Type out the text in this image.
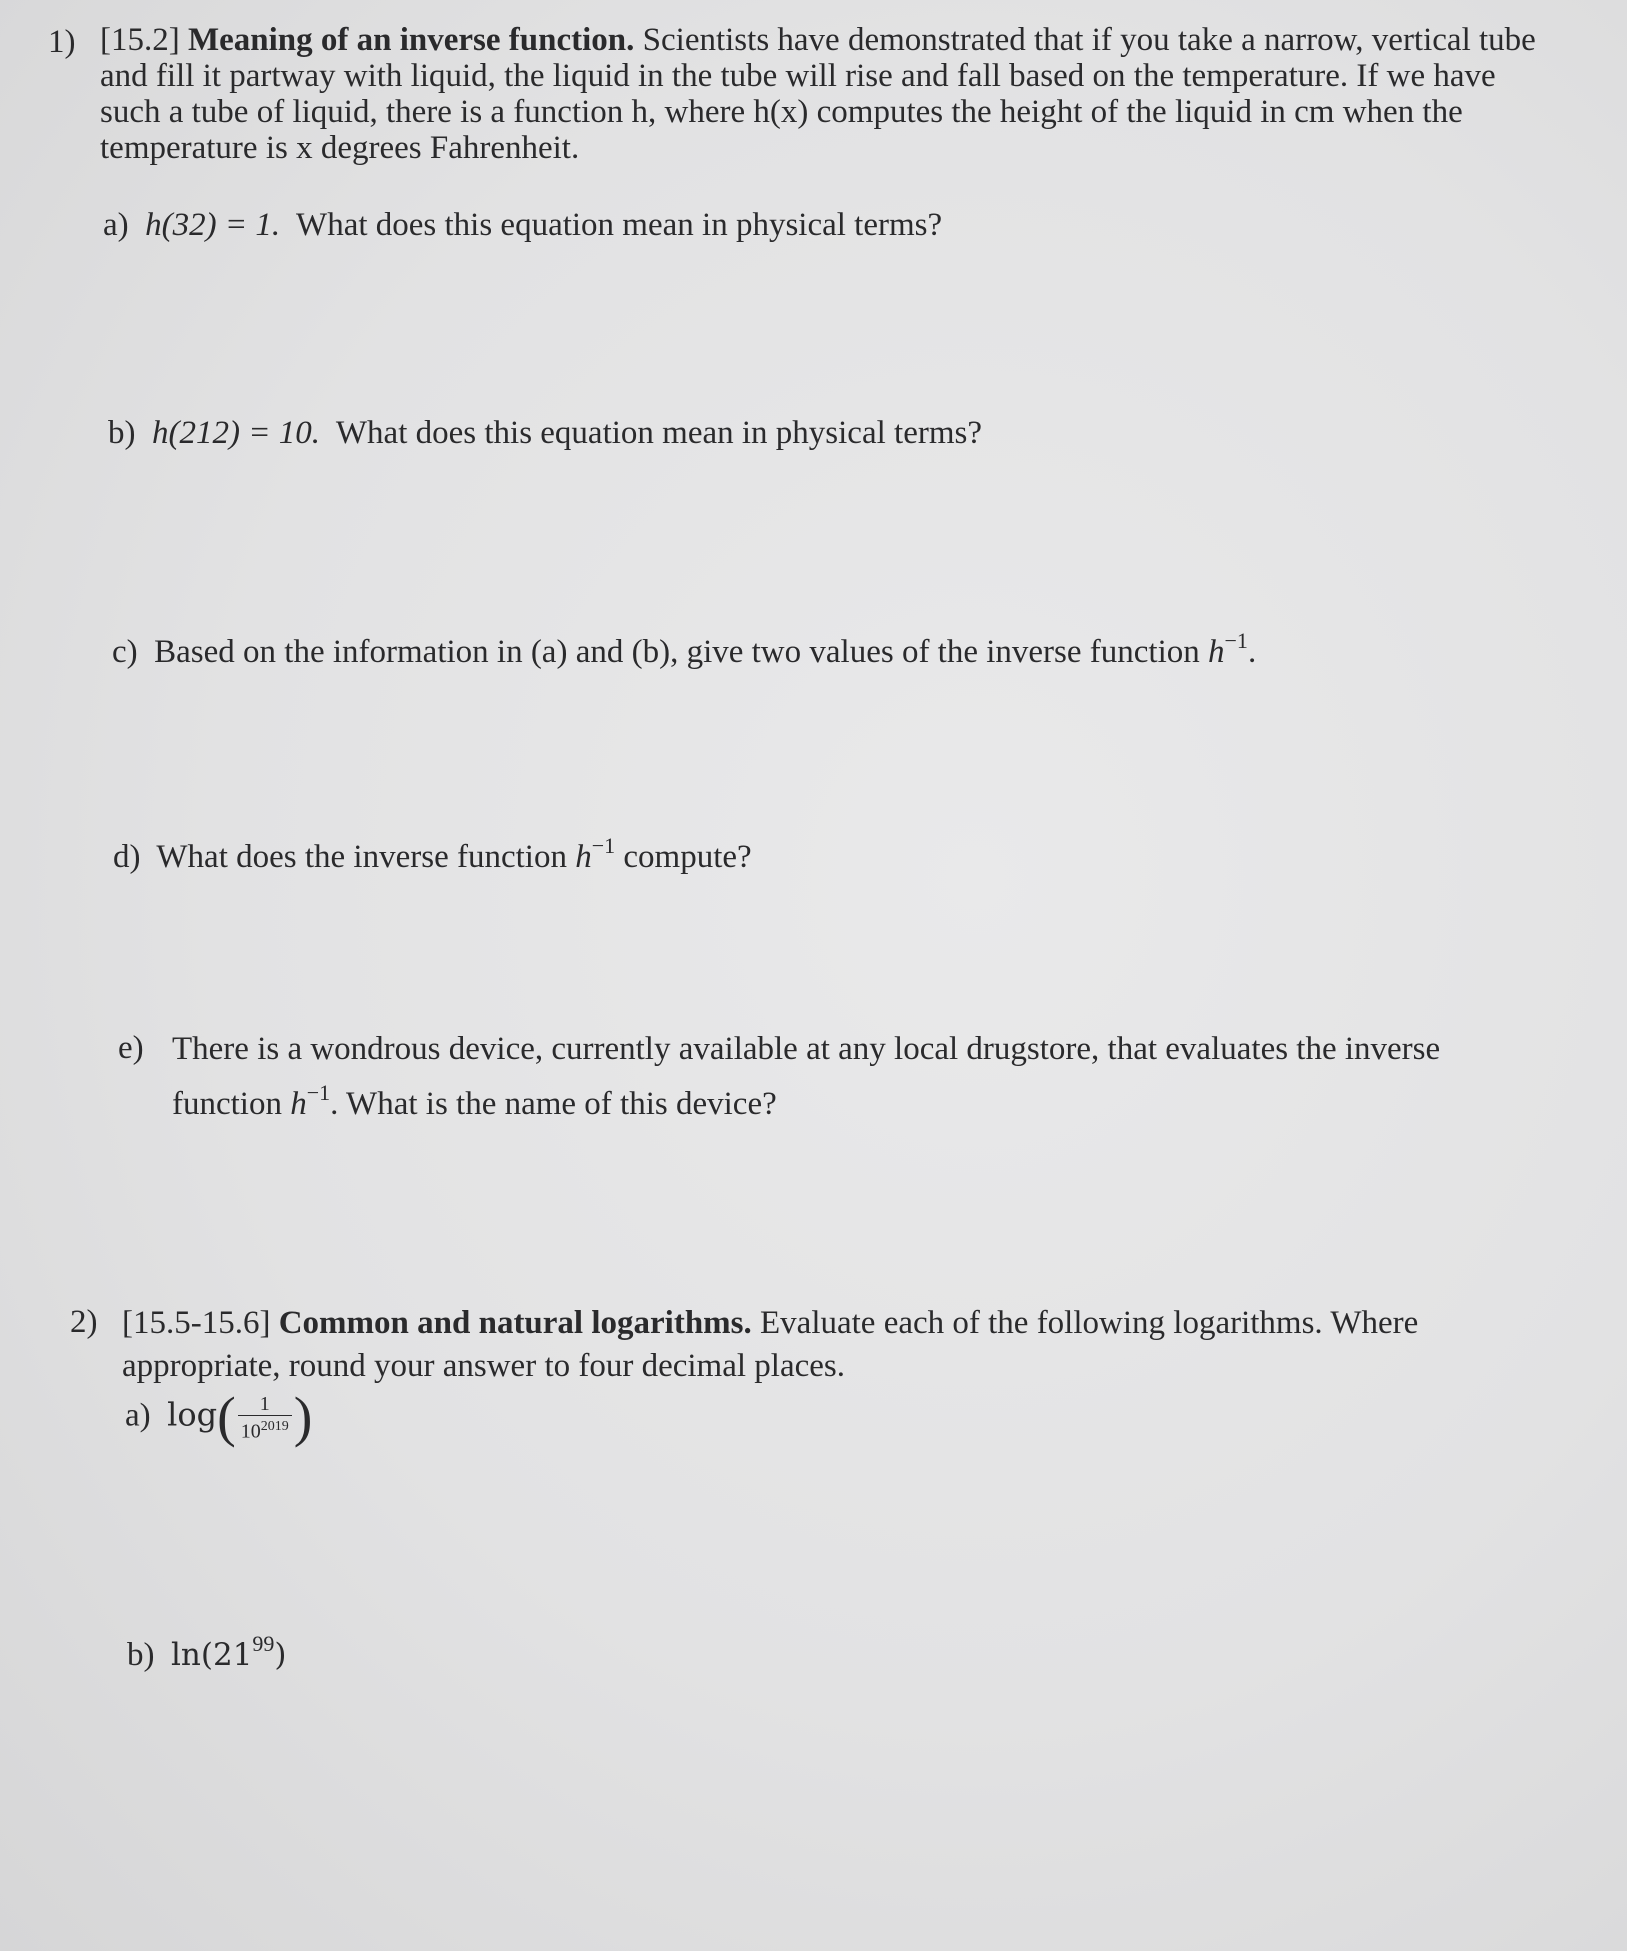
1) [15.2] Meaning of an inverse function. Scientists have demonstrated that if you take a narrow, vertical tube and fill it partway with liquid, the liquid in the tube will rise and fall based on the temperature. If we have such a tube of liquid, there is a function h, where h(x) computes the height of the liquid in cm when the temperature is x degrees Fahrenheit.
a) h(32) = 1. What does this equation mean in physical terms?
b) h(212) = 10. What does this equation mean in physical terms?
c) Based on the information in (a) and (b), give two values of the inverse function $h^{-1}$.
d) What does the inverse function $h^{-1}$ compute?
e) There is a wondrous device, currently available at any local drugstore, that evaluates the inverse
function $h^{-1}$. What is the name of this device?
2) [15.5-15.6] Common and natural logarithms. Evaluate each of the following logarithms. Where appropriate, round your answer to four decimal places.
a) $\log( \frac{1}{10^{2019}}$ )
b) $\ln(21^{99})$
